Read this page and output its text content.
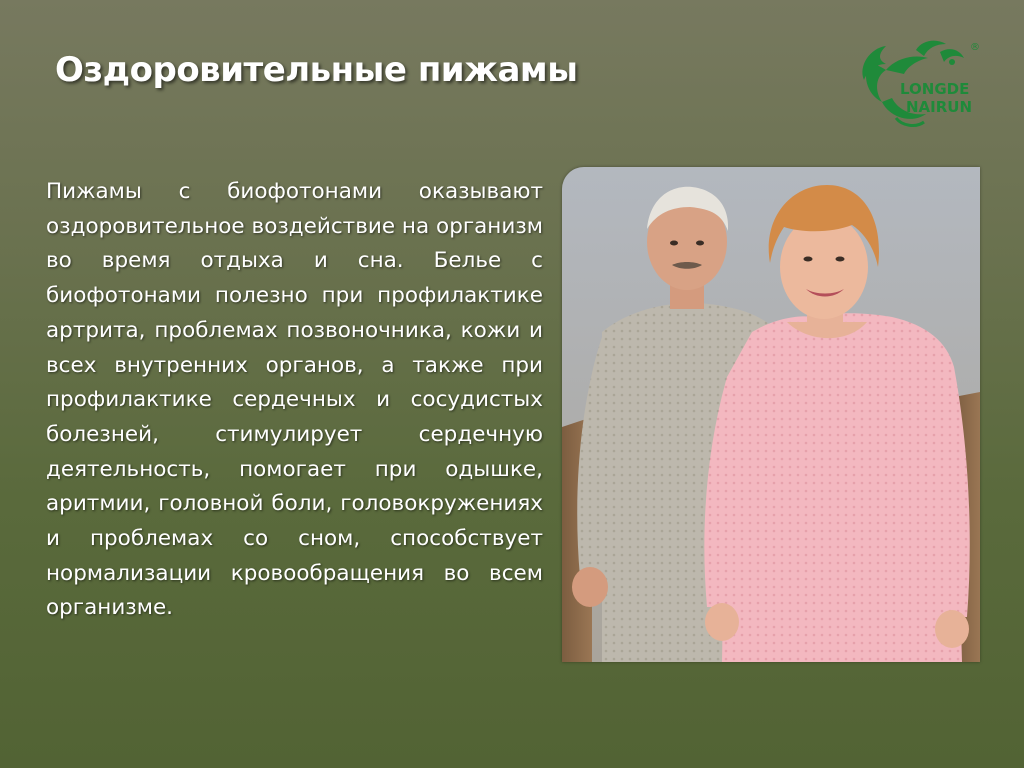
Оздоровительные пижамы
®
LONGDE
NAIRUN

Пижамы с биофотонами оказывают оздоровительное воздействие на организм во время отдыха и сна. Белье с биофотонами полезно при профилактике артрита, проблемах позвоночника, кожи и всех внутренних органов, а также при профилактике сердечных и сосудистых болезней, стимулирует сердечную деятельность, помогает при одышке, аритмии, головной боли, головокружениях и проблемах со сном, способствует нормализации кровообращения во всем организме.
